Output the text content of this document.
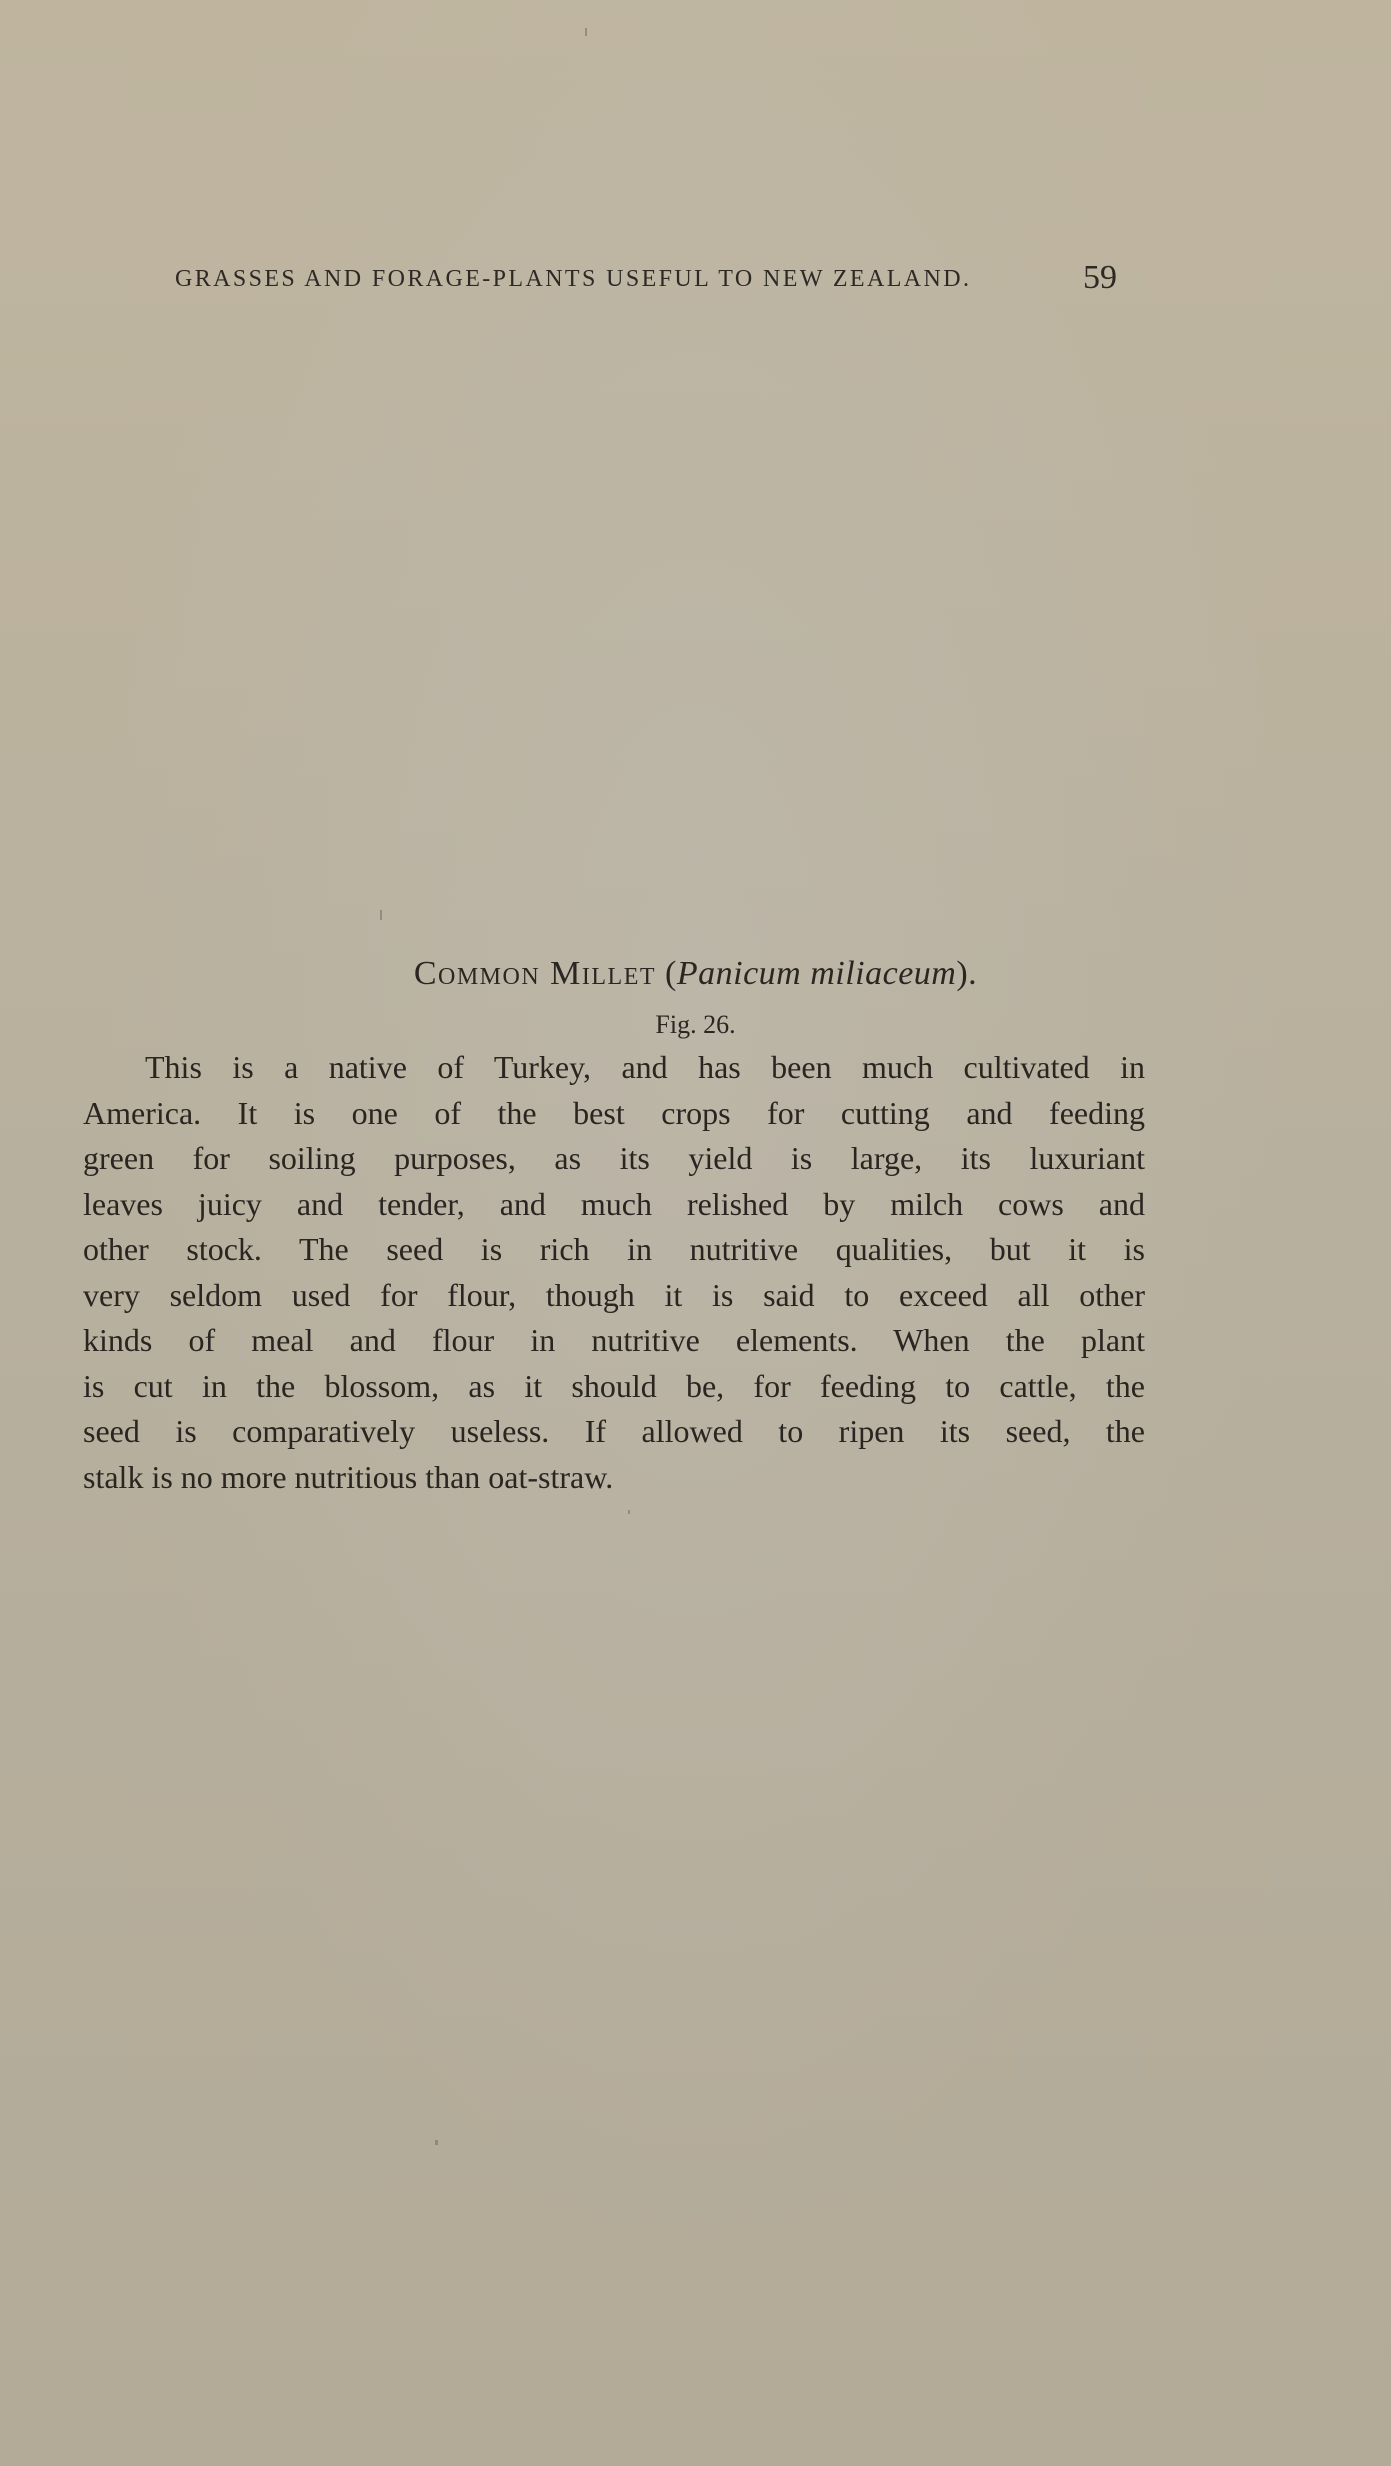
GRASSES AND FORAGE-PLANTS USEFUL TO NEW ZEALAND.	59
Common Millet (Panicum miliaceum).
Fig. 26.
This is a native of Turkey, and has been much cultivated in
America. It is one of the best crops for cutting and feeding
green for soiling purposes, as its yield is large, its luxuriant
leaves juicy and tender, and much relished by milch cows and
other stock. The seed is rich in nutritive qualities, but it is
very seldom used for flour, though it is said to exceed all other
kinds of meal and flour in nutritive elements. When the plant
is cut in the blossom, as it should be, for feeding to cattle, the
seed is comparatively useless. If allowed to ripen its seed, the
stalk is no more nutritious than oat-straw.
